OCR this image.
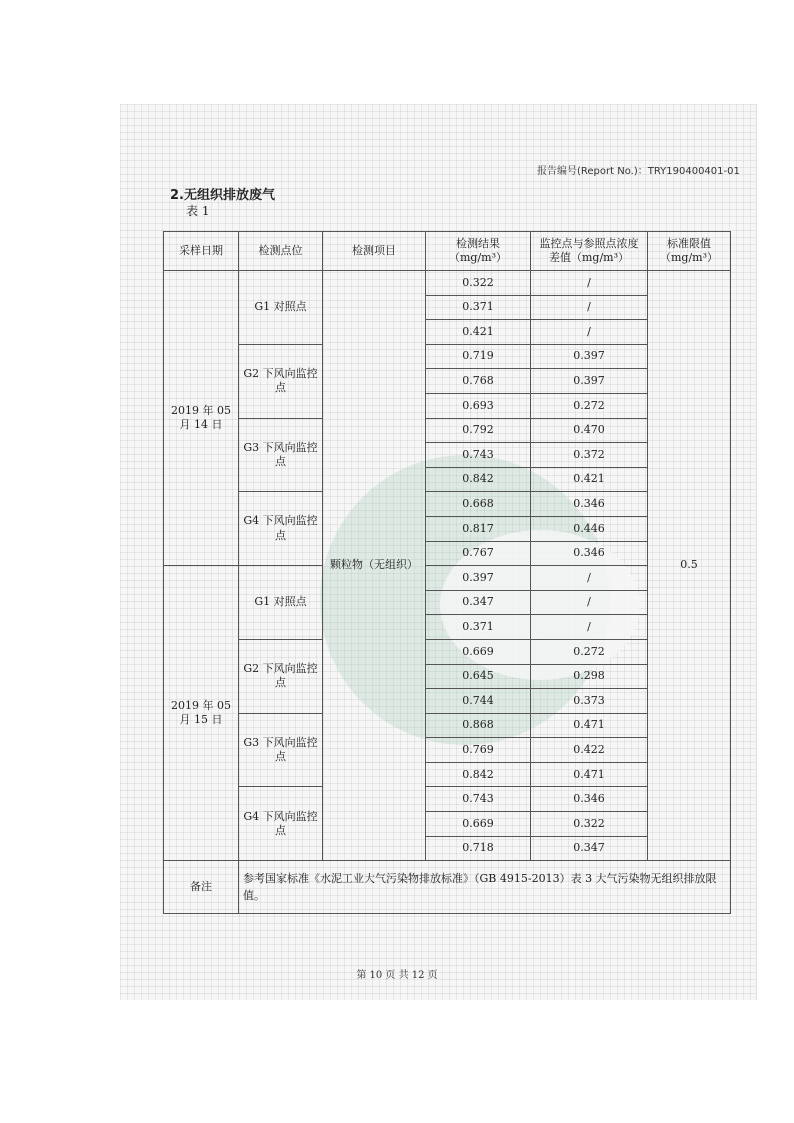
报告编号(Report No.)：TRY190400401-01
2.无组织排放废气
表 1
采样日期	检测点位	检测项目	检测结果（mg/m³）	监控点与参照点浓度差值（mg/m³）	标准限值（mg/m³）
2019 年 05 月 14 日	G1 对照点	颗粒物（无组织）	0.322	/	0.5
			0.371	/	
			0.421	/	
	G2 下风向监控点		0.719	0.397	
			0.768	0.397	
			0.693	0.272	
	G3 下风向监控点		0.792	0.470	
			0.743	0.372	
			0.842	0.421	
	G4 下风向监控点		0.668	0.346	
			0.817	0.446	
			0.767	0.346	
2019 年 05 月 15 日	G1 对照点		0.397	/	
			0.347	/	
			0.371	/	
	G2 下风向监控点		0.669	0.272	
			0.645	0.298	
			0.744	0.373	
	G3 下风向监控点		0.868	0.471	
			0.769	0.422	
			0.842	0.471	
	G4 下风向监控点		0.743	0.346	
			0.669	0.322	
			0.718	0.347	
备注	参考国家标准《水泥工业大气污染物排放标准》（GB 4915-2013）表 3 大气污染物无组织排放限值。				
第 10 页 共 12 页
